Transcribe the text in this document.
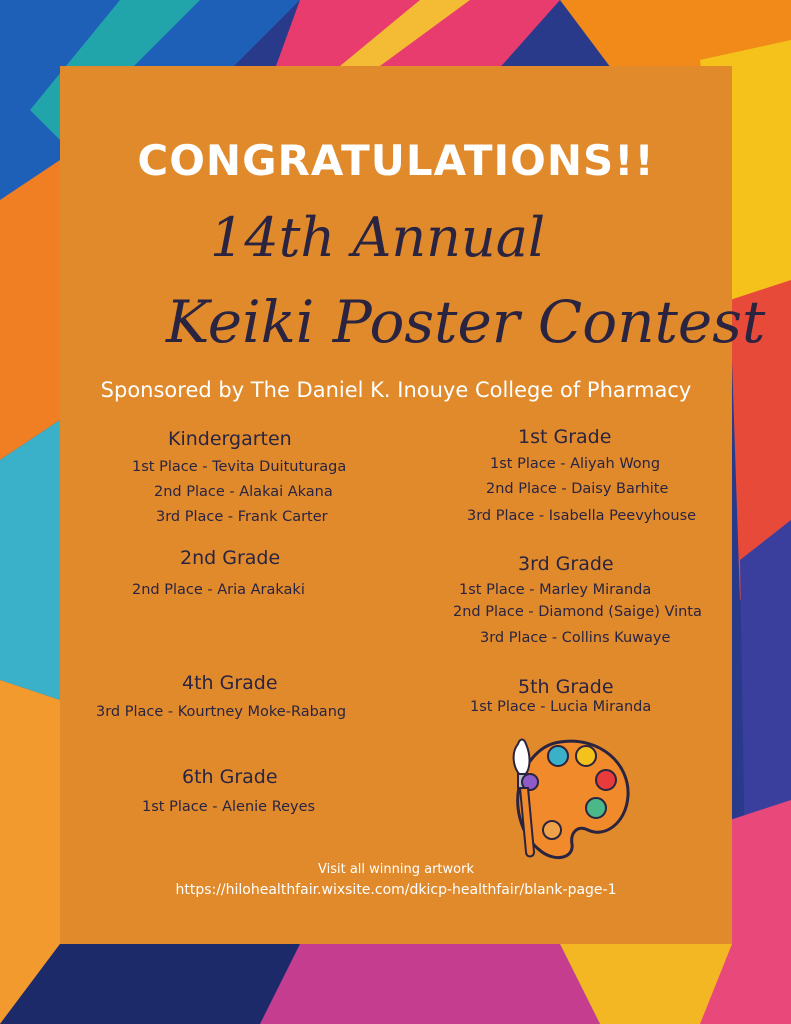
CONGRATULATIONS!!

14th Annual

Keiki Poster Contest

Sponsored by The Daniel K. Inouye College of Pharmacy

Kindergarten

1st Place - Tevita Duituturaga

2nd Place - Alakai Akana

3rd Place - Frank Carter

1st Grade

1st Place - Aliyah Wong

2nd Place - Daisy Barhite

3rd Place - Isabella Peevyhouse

2nd Grade

2nd Place - Aria Arakaki

3rd Grade

1st Place - Marley Miranda

2nd Place - Diamond (Saige) Vinta

3rd Place - Collins Kuwaye

4th Grade

3rd Place - Kourtney Moke-Rabang

5th Grade

1st Place - Lucia Miranda

6th Grade

1st Place - Alenie Reyes

Visit all winning artwork

https://hilohealthfair.wixsite.com/dkicp-healthfair/blank-page-1
